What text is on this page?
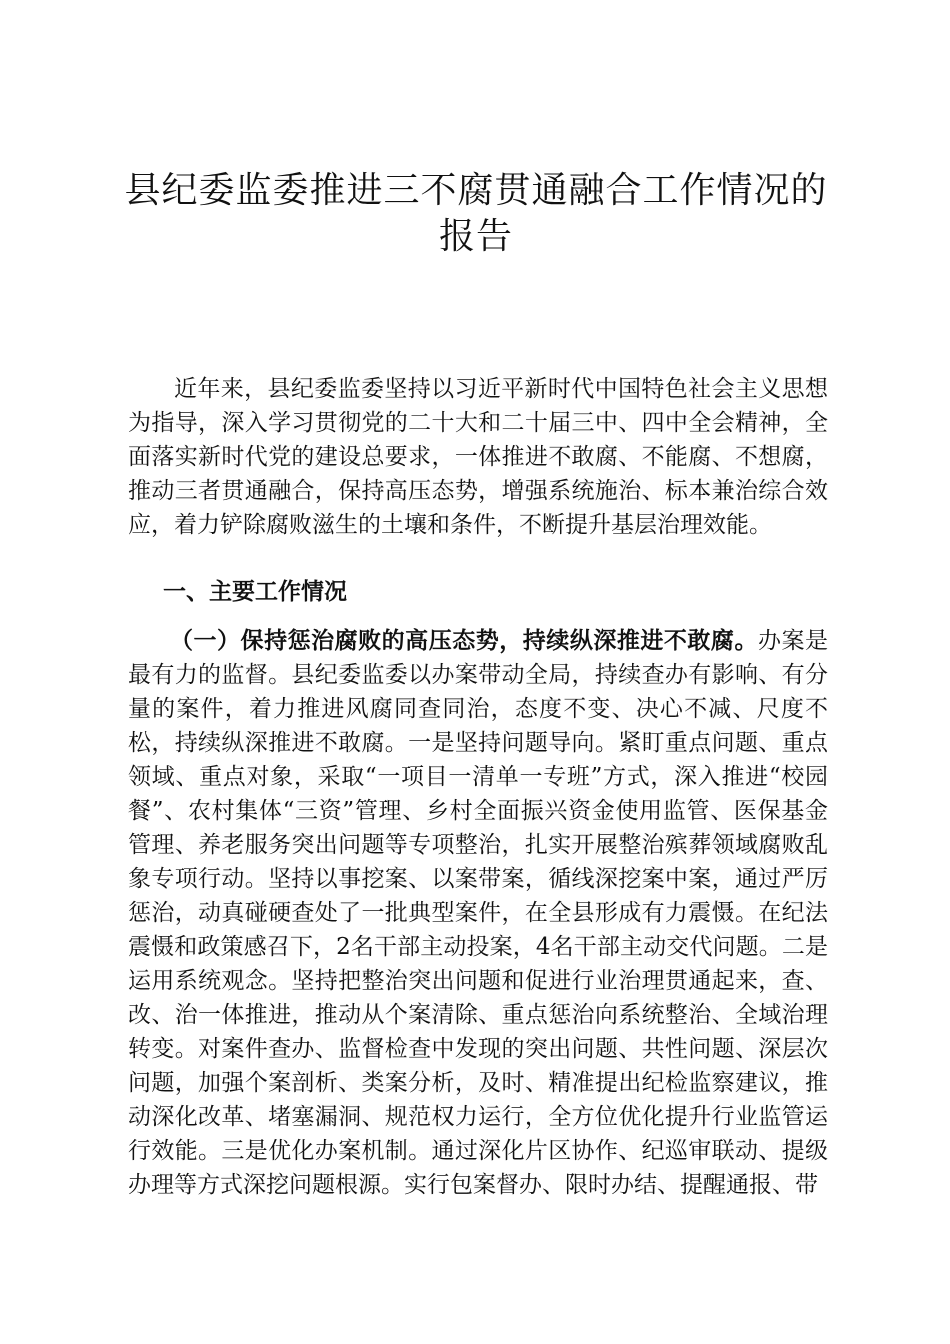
县纪委监委推进三不腐贯通融合工作情况的报告

近年来，县纪委监委坚持以习近平新时代中国特色社会主义思想为指导，深入学习贯彻党的二十大和二十届三中、四中全会精神，全面落实新时代党的建设总要求，一体推进不敢腐、不能腐、不想腐，推动三者贯通融合，保持高压态势，增强系统施治、标本兼治综合效应，着力铲除腐败滋生的土壤和条件，不断提升基层治理效能。

一、主要工作情况

（一）保持惩治腐败的高压态势，持续纵深推进不敢腐。办案是最有力的监督。县纪委监委以办案带动全局，持续查办有影响、有分量的案件，着力推进风腐同查同治，态度不变、决心不减、尺度不松，持续纵深推进不敢腐。一是坚持问题导向。紧盯重点问题、重点领域、重点对象，采取“一项目一清单一专班”方式，深入推进“校园餐”、农村集体“三资”管理、乡村全面振兴资金使用监管、医保基金管理、养老服务突出问题等专项整治，扎实开展整治殡葬领域腐败乱象专项行动。坚持以事挖案、以案带案，循线深挖案中案，通过严厉惩治，动真碰硬查处了一批典型案件，在全县形成有力震慑。在纪法震慑和政策感召下，2名干部主动投案，4名干部主动交代问题。二是运用系统观念。坚持把整治突出问题和促进行业治理贯通起来，查、改、治一体推进，推动从个案清除、重点惩治向系统整治、全域治理转变。对案件查办、监督检查中发现的突出问题、共性问题、深层次问题，加强个案剖析、类案分析，及时、精准提出纪检监察建议，推动深化改革、堵塞漏洞、规范权力运行，全方位优化提升行业监管运行效能。三是优化办案机制。通过深化片区协作、纪巡审联动、提级办理等方式深挖问题根源。实行包案督办、限时办结、提醒通报、带
